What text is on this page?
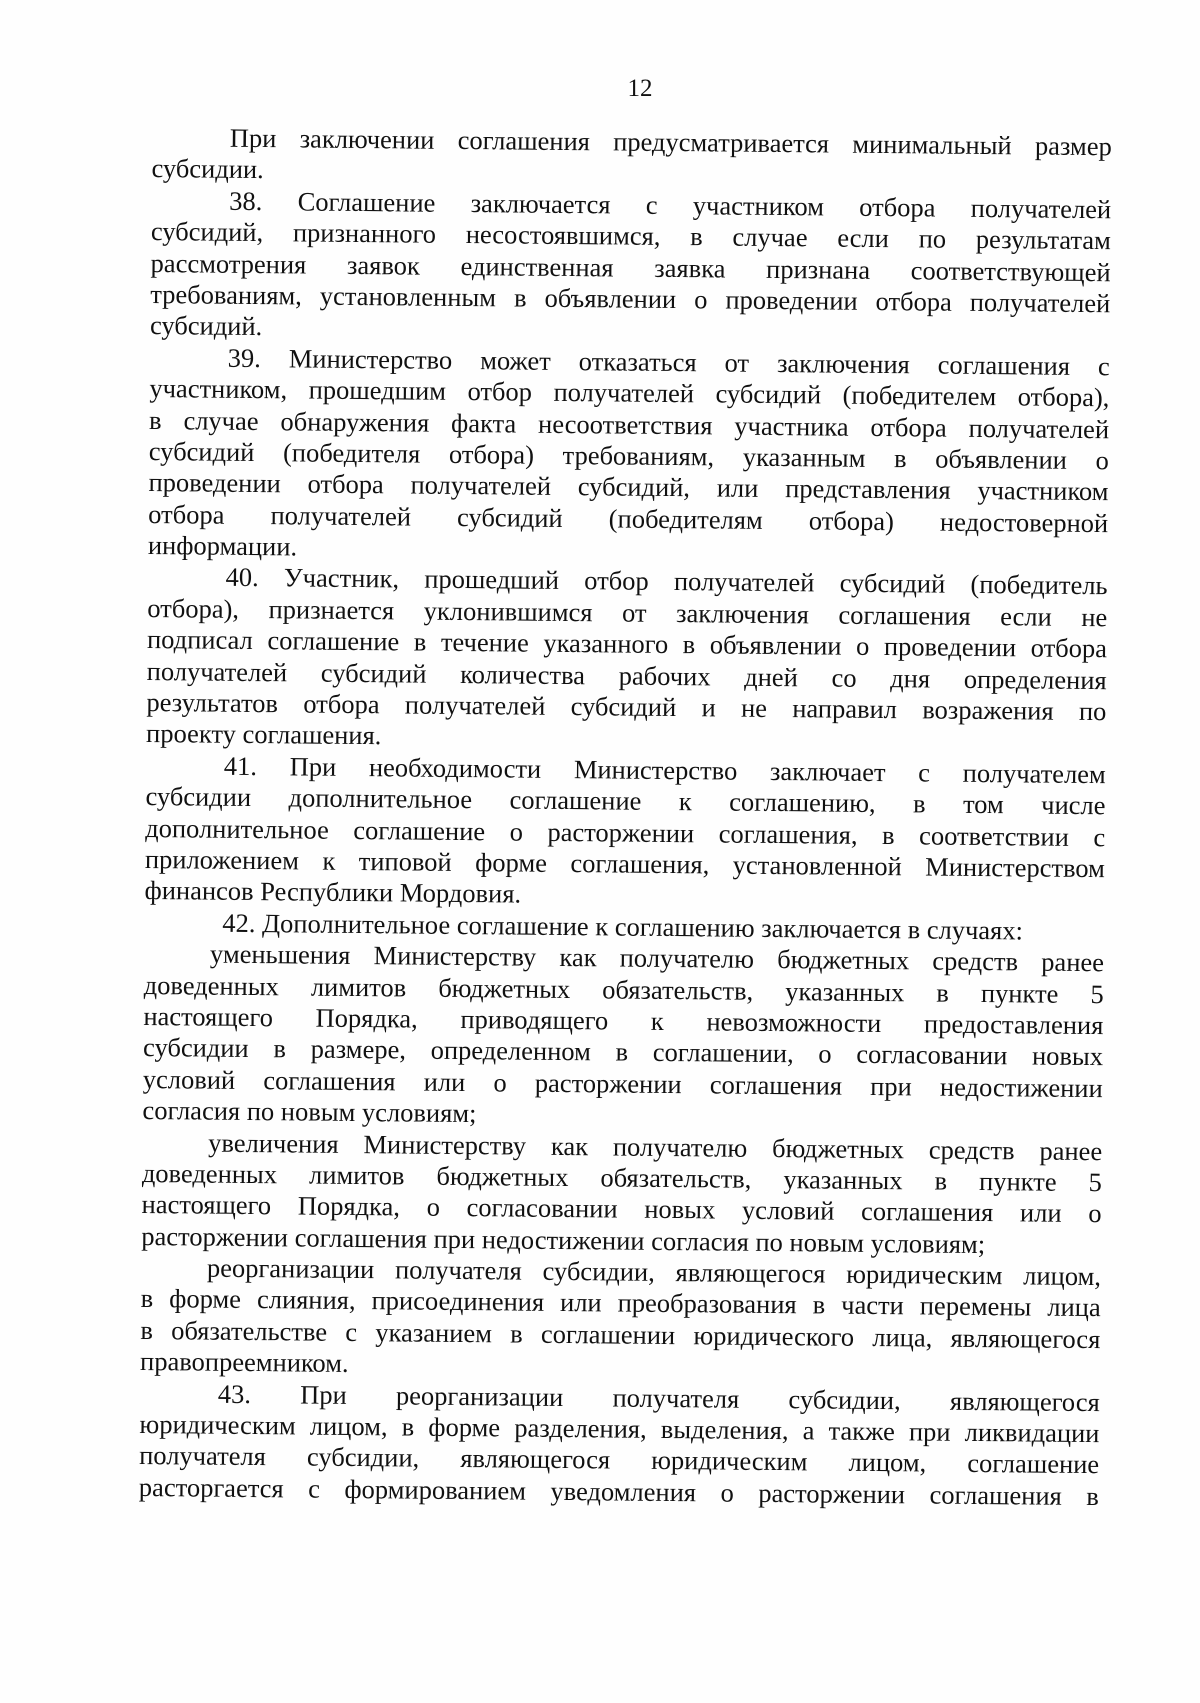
12
При заключении соглашения предусматривается минимальный размер
субсидии.
38. Соглашение заключается с участником отбора получателей
субсидий, признанного несостоявшимся, в случае если по результатам
рассмотрения заявок единственная заявка признана соответствующей
требованиям, установленным в объявлении о проведении отбора получателей
субсидий.
39. Министерство может отказаться от заключения соглашения с
участником, прошедшим отбор получателей субсидий (победителем отбора),
в случае обнаружения факта несоответствия участника отбора получателей
субсидий (победителя отбора) требованиям, указанным в объявлении о
проведении отбора получателей субсидий, или представления участником
отбора получателей субсидий (победителям отбора) недостоверной
информации.
40. Участник, прошедший отбор получателей субсидий (победитель
отбора), признается уклонившимся от заключения соглашения если не
подписал соглашение в течение указанного в объявлении о проведении отбора
получателей субсидий количества рабочих дней со дня определения
результатов отбора получателей субсидий и не направил возражения по
проекту соглашения.
41. При необходимости Министерство заключает с получателем
субсидии дополнительное соглашение к соглашению, в том числе
дополнительное соглашение о расторжении соглашения, в соответствии с
приложением к типовой форме соглашения, установленной Министерством
финансов Республики Мордовия.
42. Дополнительное соглашение к соглашению заключается в случаях:
уменьшения Министерству как получателю бюджетных средств ранее
доведенных лимитов бюджетных обязательств, указанных в пункте 5
настоящего Порядка, приводящего к невозможности предоставления
субсидии в размере, определенном в соглашении, о согласовании новых
условий соглашения или о расторжении соглашения при недостижении
согласия по новым условиям;
увеличения Министерству как получателю бюджетных средств ранее
доведенных лимитов бюджетных обязательств, указанных в пункте 5
настоящего Порядка, о согласовании новых условий соглашения или о
расторжении соглашения при недостижении согласия по новым условиям;
реорганизации получателя субсидии, являющегося юридическим лицом,
в форме слияния, присоединения или преобразования в части перемены лица
в обязательстве с указанием в соглашении юридического лица, являющегося
правопреемником.
43. При реорганизации получателя субсидии, являющегося
юридическим лицом, в форме разделения, выделения, а также при ликвидации
получателя субсидии, являющегося юридическим лицом, соглашение
расторгается с формированием уведомления о расторжении соглашения в
